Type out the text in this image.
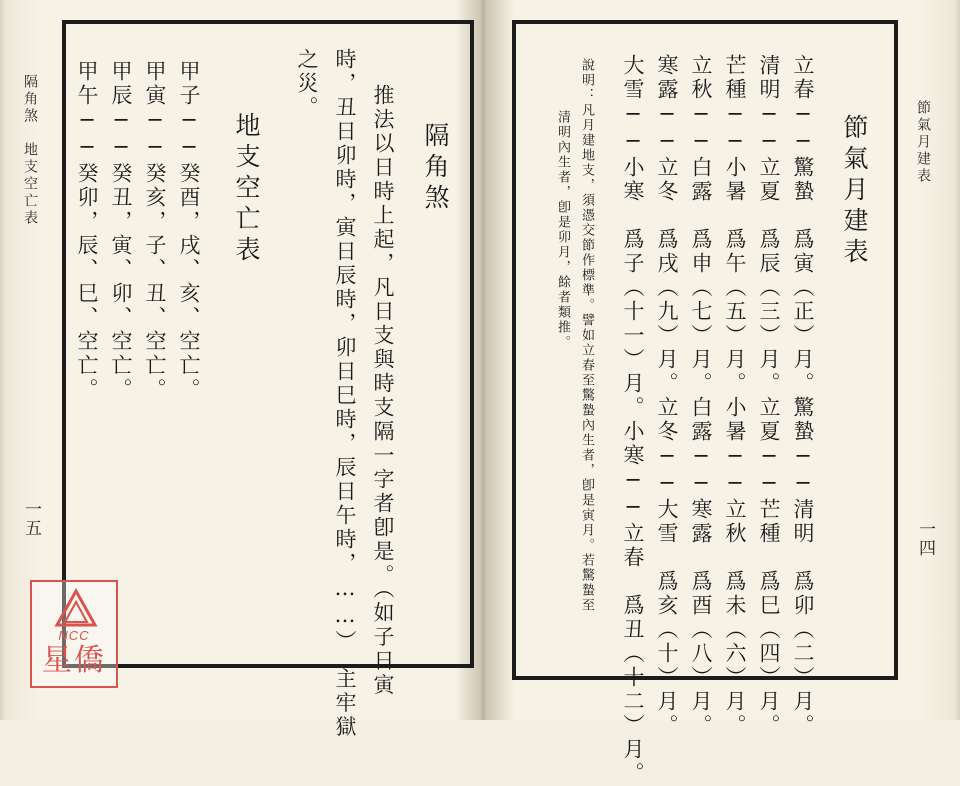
隔角煞　地支空亡表
一五
隔角煞
推法以日時上起，凡日支與時支隔一字者卽是。（如子日寅
時，丑日卯時，寅日辰時，卯日巳時，辰日午時，……）　主牢獄
之災。
地支空亡表
甲子──癸酉，戌、亥、空亡。
甲寅──癸亥，子、丑、空亡。
甲辰──癸丑，寅、卯、空亡。
甲午──癸卯，辰、巳、空亡。
NCC
星僑
節氣月建表
一四
節氣月建表
立春──驚蟄　爲寅（正）月。驚蟄──清明　爲卯（二）月。
清明──立夏　爲辰（三）月。立夏──芒種　爲巳（四）月。
芒種──小暑　爲午（五）月。小暑──立秋　爲未（六）月。
立秋──白露　爲申（七）月。白露──寒露　爲酉（八）月。
寒露──立冬　爲戌（九）月。立冬──大雪　爲亥（十）月。
大雪──小寒　爲子（十一）月。小寒──立春　爲丑（十二）月。
說明：凡月建地支，須憑交節作標準。譬如立春至驚蟄內生者，卽是寅月。若驚蟄至
清明內生者，卽是卯月，餘者類推。
